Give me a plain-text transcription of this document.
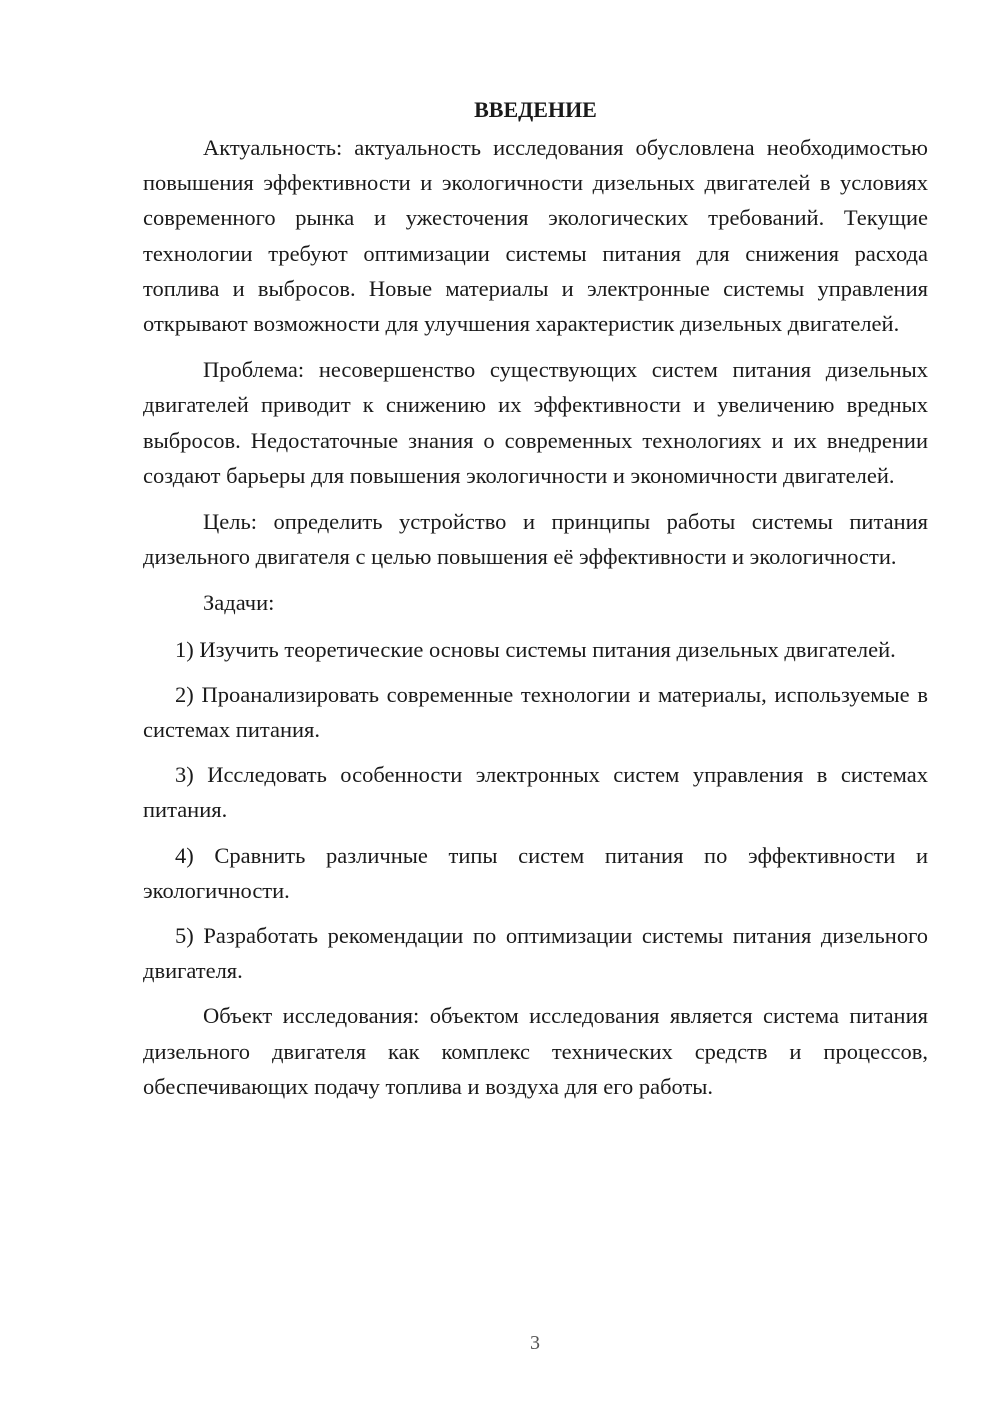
ВВЕДЕНИЕ

Актуальность: актуальность исследования обусловлена необходимостью повышения эффективности и экологичности дизельных двигателей в условиях современного рынка и ужесточения экологических требований. Текущие технологии требуют оптимизации системы питания для снижения расхода топлива и выбросов. Новые материалы и электронные системы управления открывают возможности для улучшения характеристик дизельных двигателей.

Проблема: несовершенство существующих систем питания дизельных двигателей приводит к снижению их эффективности и увеличению вредных выбросов. Недостаточные знания о современных технологиях и их внедрении создают барьеры для повышения экологичности и экономичности двигателей.

Цель: определить устройство и принципы работы системы питания дизельного двигателя с целью повышения её эффективности и экологичности.

Задачи:

1) Изучить теоретические основы системы питания дизельных двигателей.

2) Проанализировать современные технологии и материалы, используемые в системах питания.

3) Исследовать особенности электронных систем управления в системах питания.

4) Сравнить различные типы систем питания по эффективности и экологичности.

5) Разработать рекомендации по оптимизации системы питания дизельного двигателя.

Объект исследования: объектом исследования является система питания дизельного двигателя как комплекс технических средств и процессов, обеспечивающих подачу топлива и воздуха для его работы.

3
